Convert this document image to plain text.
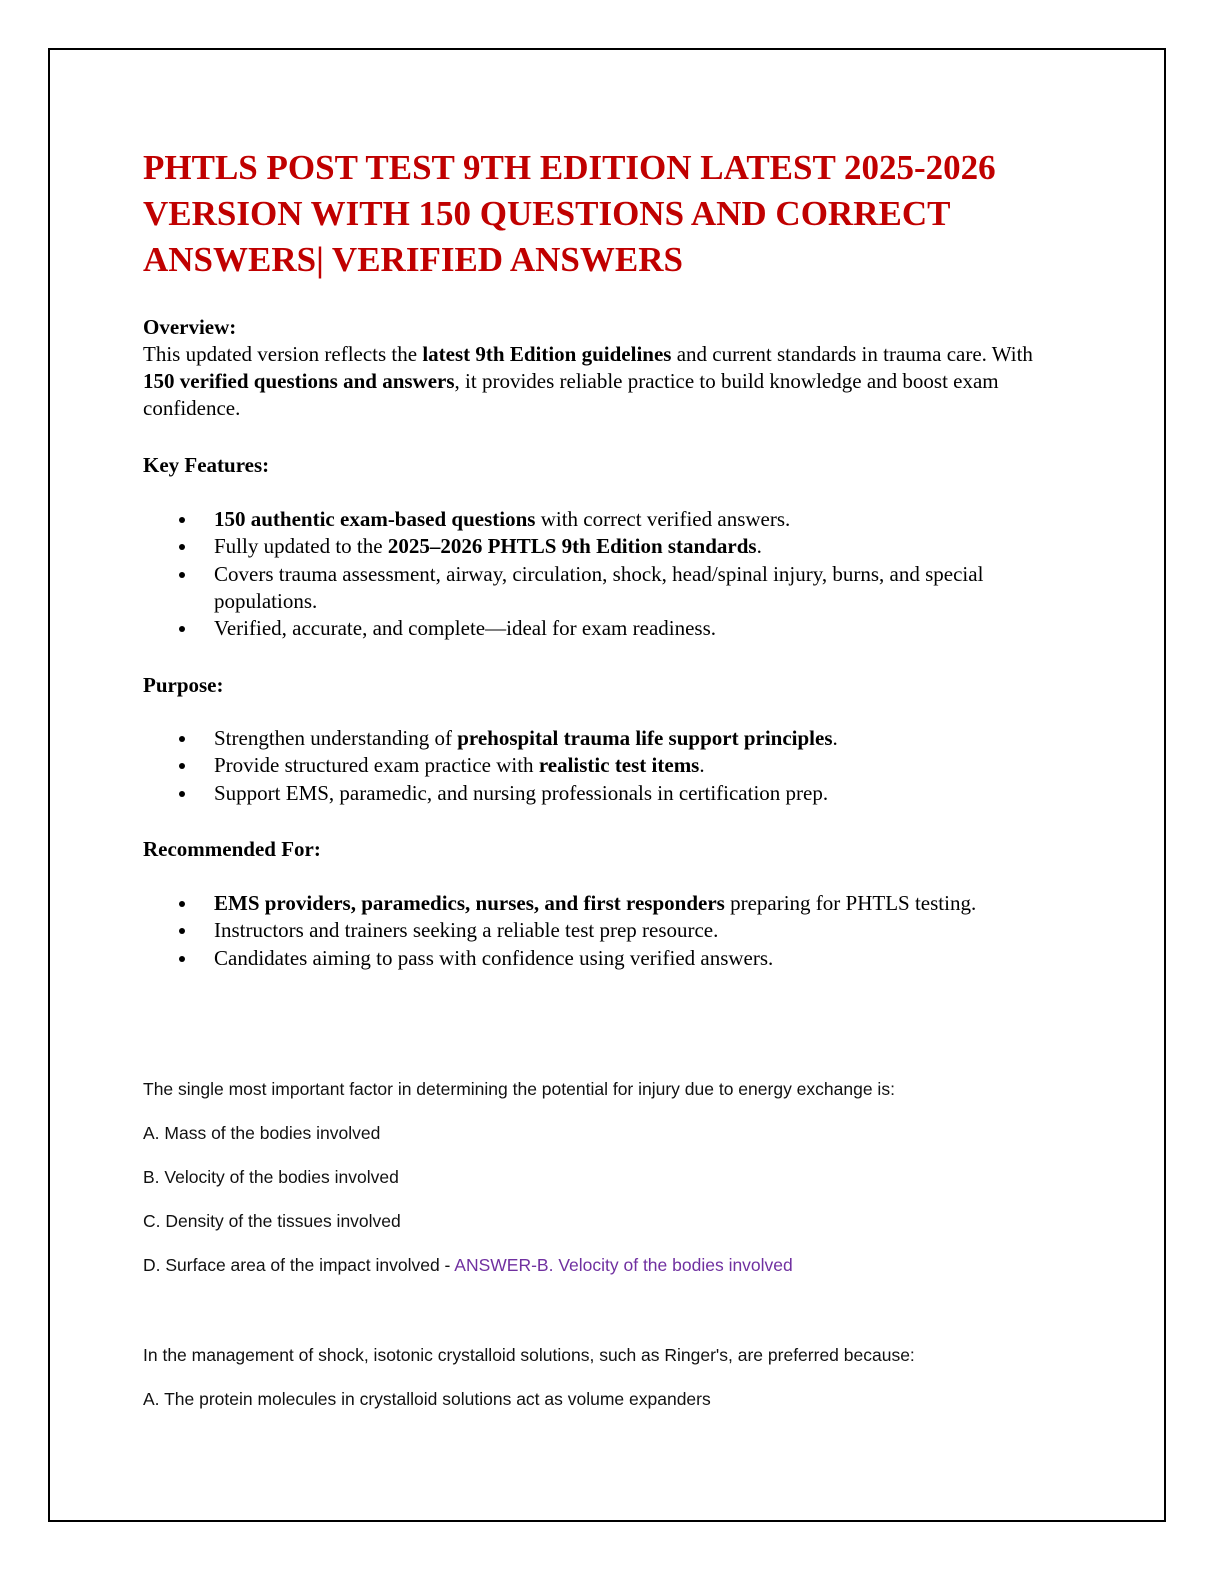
PHTLS POST TEST 9TH EDITION LATEST 2025-2026 VERSION WITH 150 QUESTIONS AND CORRECT ANSWERS| VERIFIED ANSWERS
Overview:
This updated version reflects the latest 9th Edition guidelines and current standards in trauma care. With 150 verified questions and answers, it provides reliable practice to build knowledge and boost exam confidence.
Key Features:
150 authentic exam-based questions with correct verified answers.
Fully updated to the 2025–2026 PHTLS 9th Edition standards.
Covers trauma assessment, airway, circulation, shock, head/spinal injury, burns, and special populations.
Verified, accurate, and complete—ideal for exam readiness.
Purpose:
Strengthen understanding of prehospital trauma life support principles.
Provide structured exam practice with realistic test items.
Support EMS, paramedic, and nursing professionals in certification prep.
Recommended For:
EMS providers, paramedics, nurses, and first responders preparing for PHTLS testing.
Instructors and trainers seeking a reliable test prep resource.
Candidates aiming to pass with confidence using verified answers.
The single most important factor in determining the potential for injury due to energy exchange is:
A. Mass of the bodies involved
B. Velocity of the bodies involved
C. Density of the tissues involved
D. Surface area of the impact involved - ANSWER-B. Velocity of the bodies involved
In the management of shock, isotonic crystalloid solutions, such as Ringer's, are preferred because:
A. The protein molecules in crystalloid solutions act as volume expanders
